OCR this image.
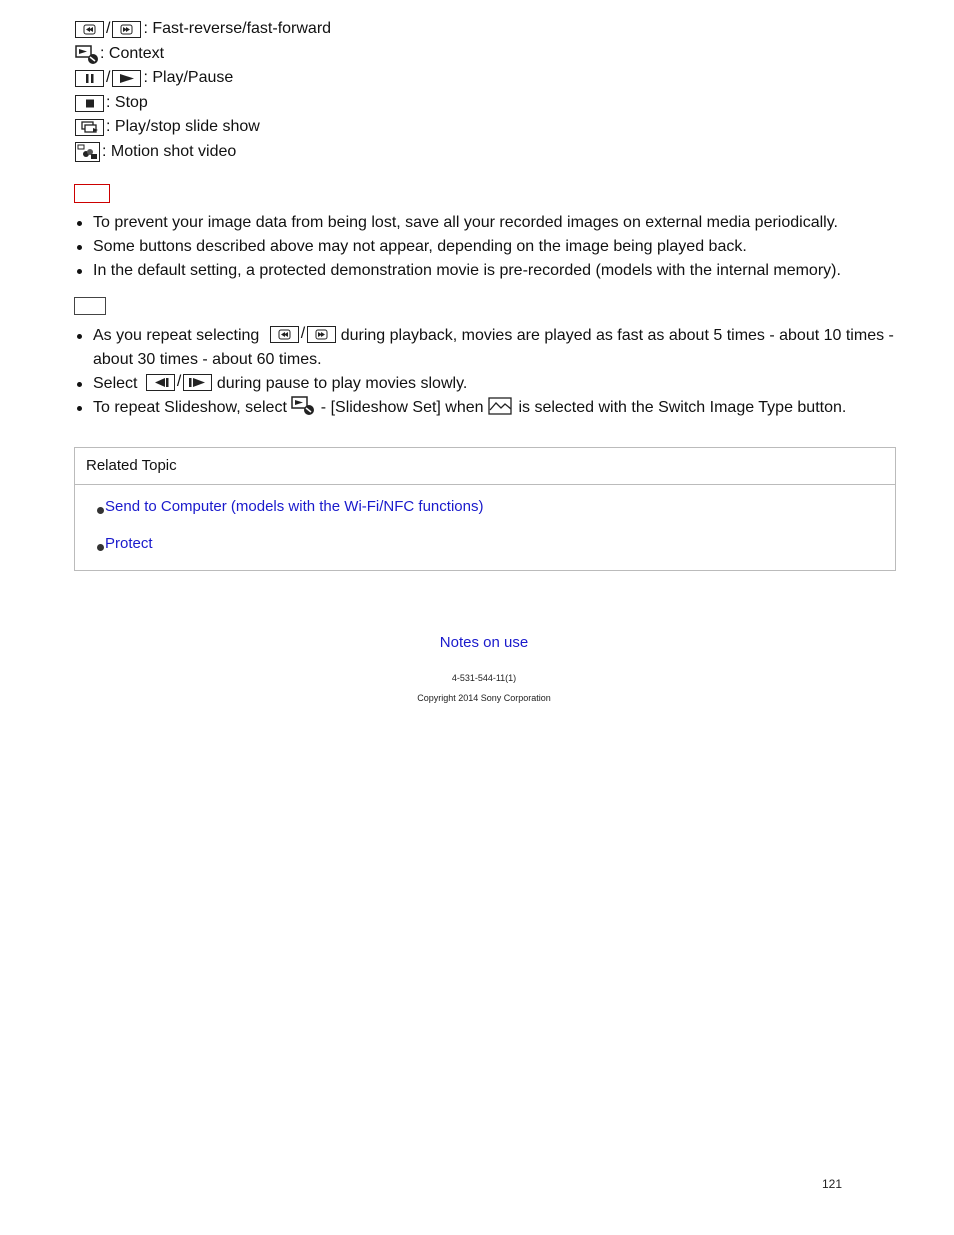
/ : Fast-reverse/fast-forward
: Context
/ : Play/Pause
: Stop
: Play/stop slide show
: Motion shot video
To prevent your image data from being lost, save all your recorded images on external media periodically.
Some buttons described above may not appear, depending on the image being played back.
In the default setting, a protected demonstration movie is pre-recorded (models with the internal memory).
As you repeat selecting	/ during playback, movies are played as fast as about 5 times - about 10 times - about 30 times - about 60 times.
Select / during pause to play movies slowly.
To repeat Slideshow, select - [Slideshow Set] when is selected with the Switch Image Type button.
Related Topic
Send to Computer (models with the Wi-Fi/NFC functions)
Protect
Notes on use
4-531-544-11(1)
Copyright 2014 Sony Corporation
121
